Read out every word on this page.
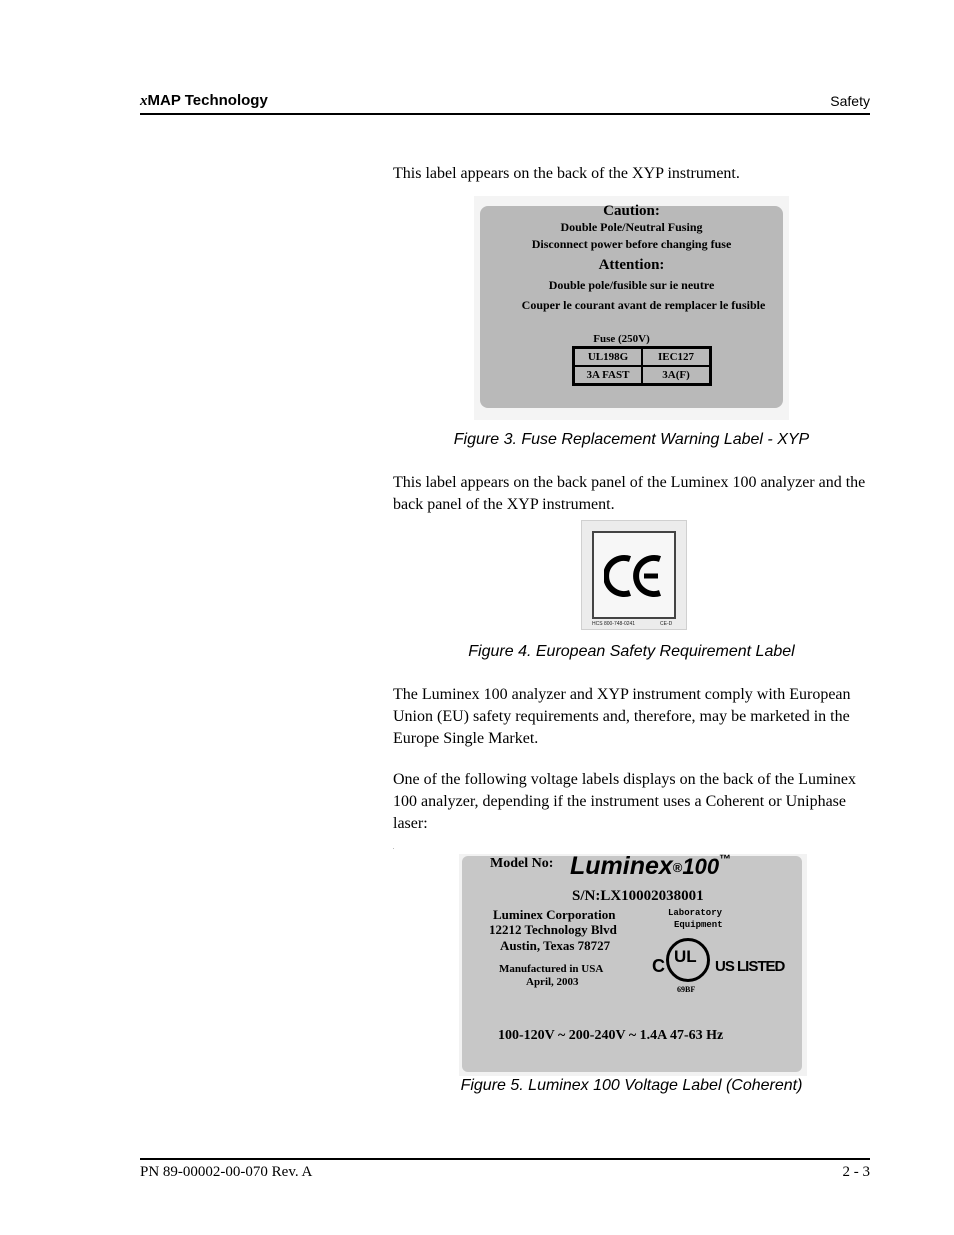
xMAP Technology	Safety

This label appears on the back of the XYP instrument.

Caution:
Double Pole/Neutral Fusing
Disconnect power before changing fuse
Attention:
Double pole/fusible sur ie neutre
Couper le courant avant de remplacer le fusible
Fuse (250V)
UL198G	IEC127
3A FAST	3A(F)
Figure 3. Fuse Replacement Warning Label - XYP

This label appears on the back panel of the Luminex 100 analyzer and the back panel of the XYP instrument.

HCS 800-748-0241	CE-D
Figure 4. European Safety Requirement Label

The Luminex 100 analyzer and XYP instrument comply with European Union (EU) safety requirements and, therefore, may be marketed in the Europe Single Market.

One of the following voltage labels displays on the back of the Luminex 100 analyzer, depending if the instrument uses a Coherent or Uniphase laser:

Model No: Luminex®100™
S/N:LX10002038001
Luminex Corporation
12212 Technology Blvd
Austin, Texas 78727
Laboratory
Equipment
Manufactured in USA
April, 2003
C UL
US LISTED
69BF
100-120V ~ 200-240V ~ 1.4A 47-63 Hz
Figure 5. Luminex 100 Voltage Label (Coherent)
PN 89-00002-00-070 Rev. A	2 - 3
